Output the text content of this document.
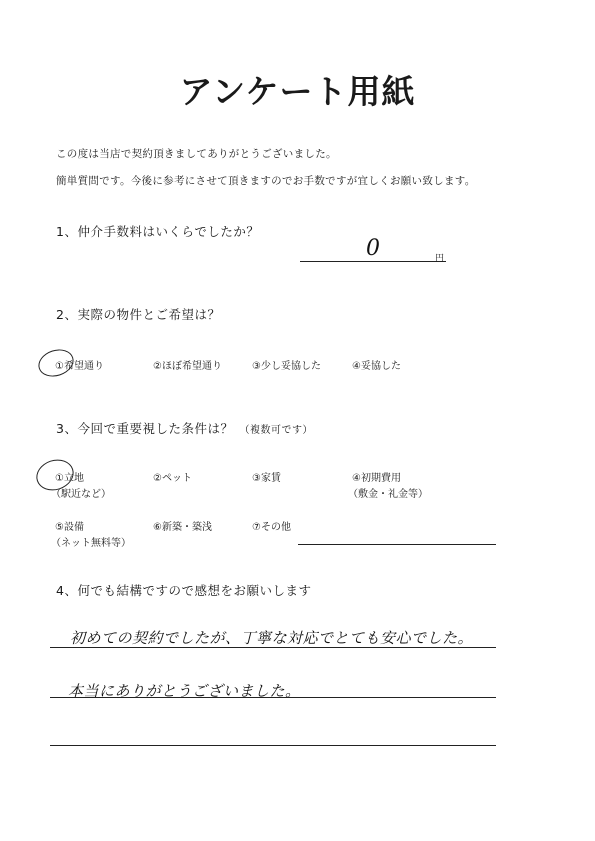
アンケート用紙
この度は当店で契約頂きましてありがとうございました。
簡単質問です。今後に参考にさせて頂きますのでお手数ですが宜しくお願い致します。
1、仲介手数料はいくらでしたか？
0	円
2、実際の物件とご希望は？
①希望通り	②ほぼ希望通り	③少し妥協した	④妥協した
3、今回で重要視した条件は？ （複数可です）
①立地
（駅近など）
②ペット	③家賃	④初期費用
（敷金・礼金等）
⑤設備
（ネット無料等）
⑥新築・築浅	⑦その他
4、何でも結構ですので感想をお願いします
初めての契約でしたが、丁寧な対応でとても安心でした。
本当にありがとうございました。
